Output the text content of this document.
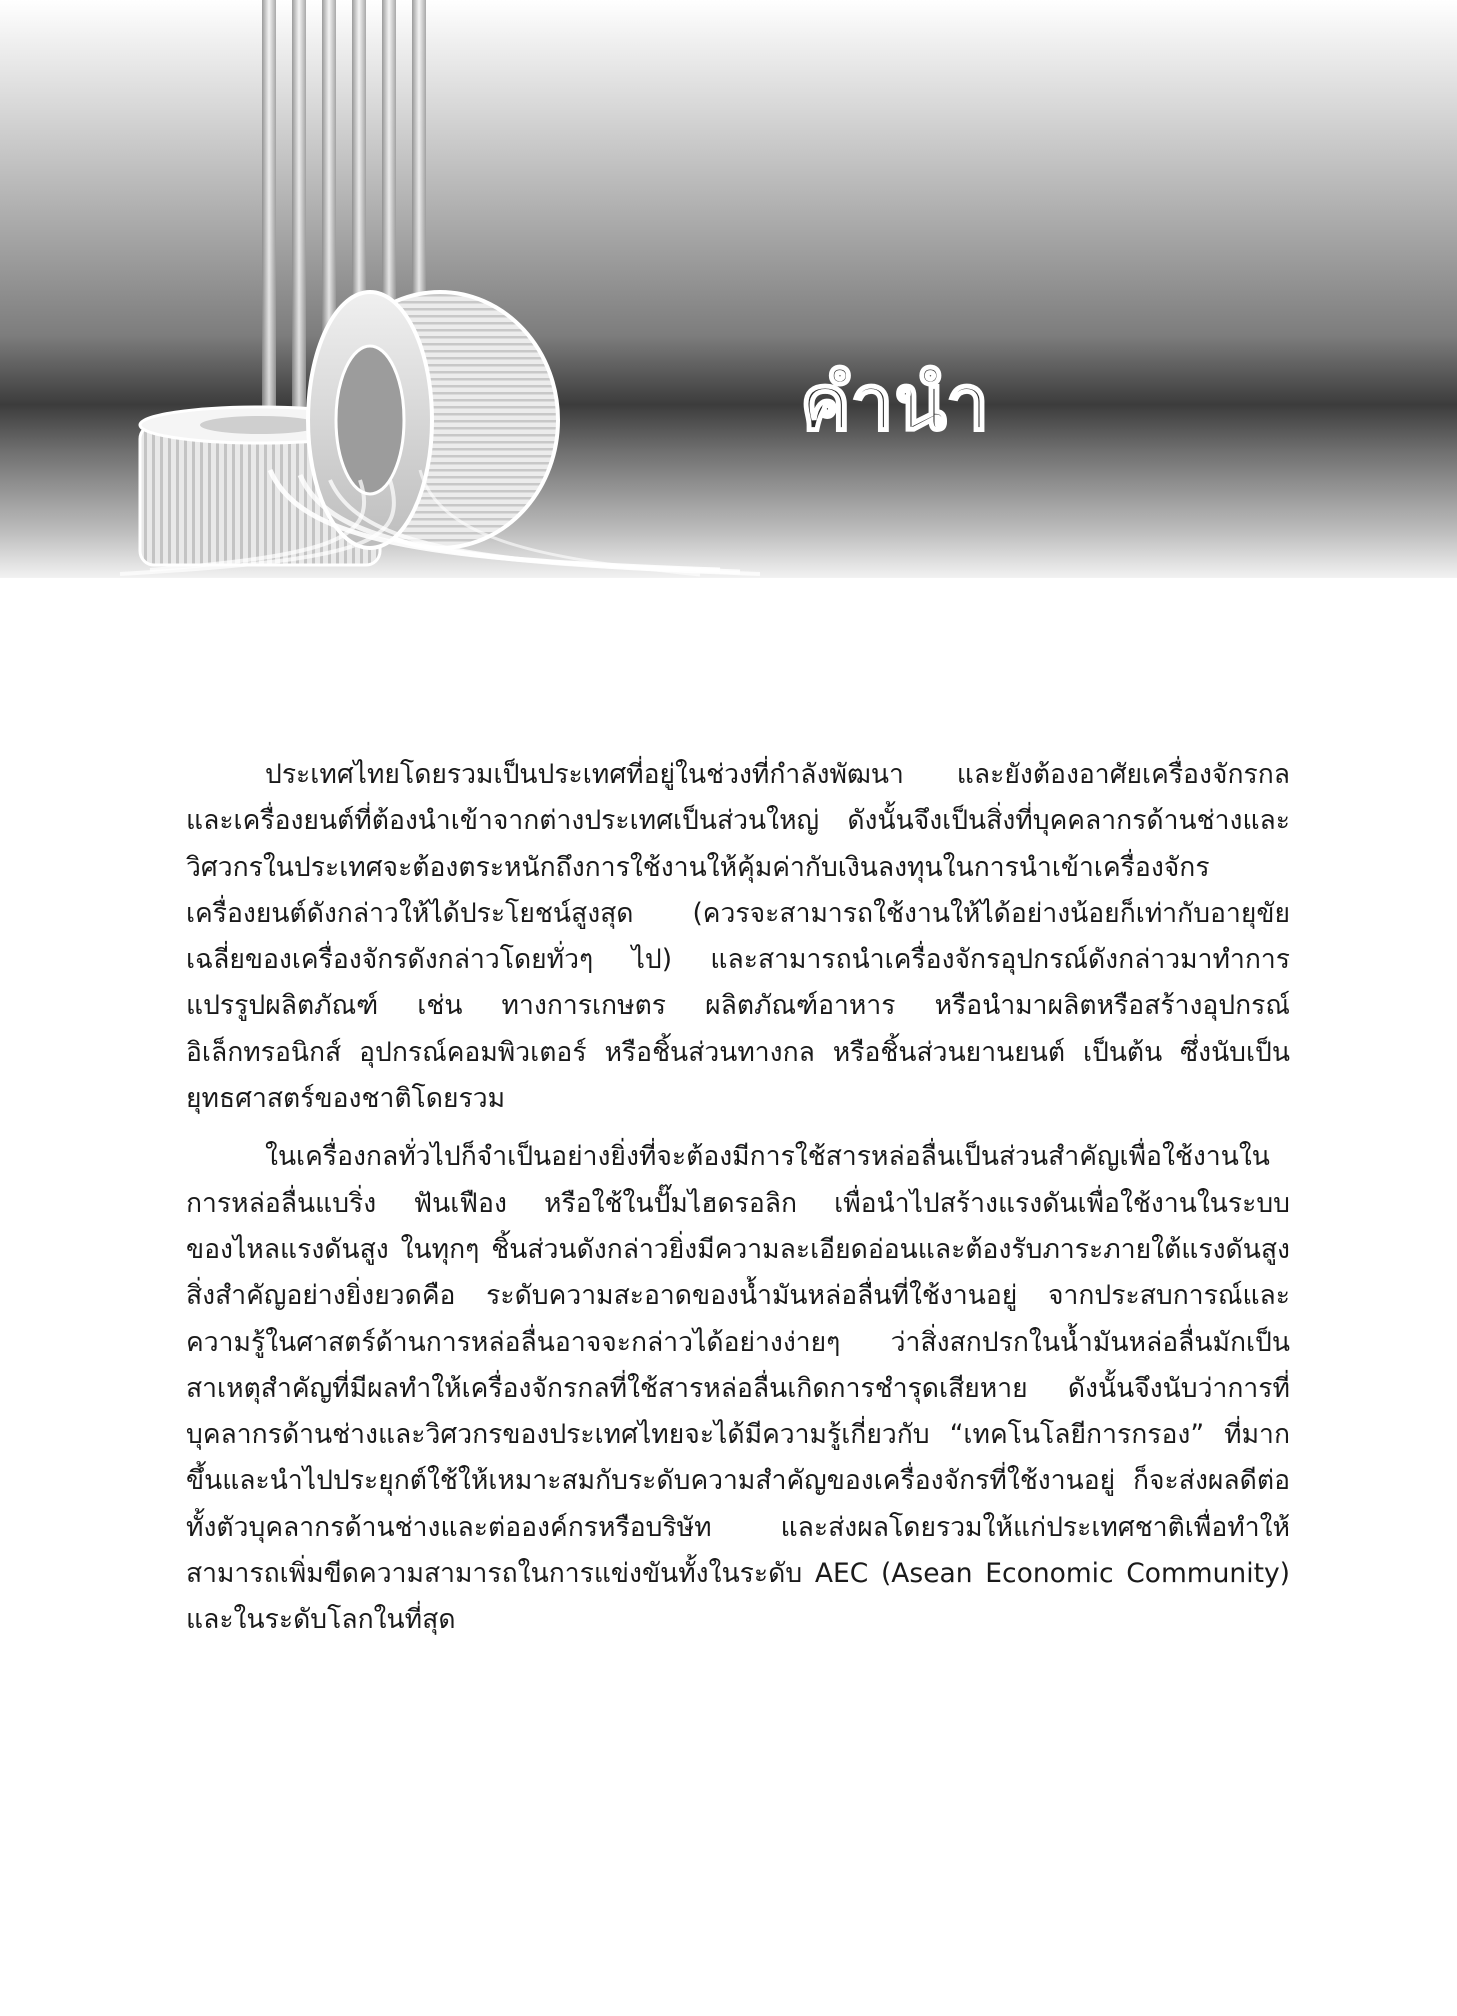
คำนำ

ประเทศไทยโดยรวมเป็นประเทศที่อยู่ในช่วงที่กำลังพัฒนา และยังต้องอาศัยเครื่องจักรกลและเครื่องยนต์ที่ต้องนำเข้าจากต่างประเทศเป็นส่วนใหญ่ ดังนั้นจึงเป็นสิ่งที่บุคคลากรด้านช่างและวิศวกรในประเทศจะต้องตระหนักถึงการใช้งานให้คุ้มค่ากับเงินลงทุนในการนำเข้าเครื่องจักรเครื่องยนต์ดังกล่าวให้ได้ประโยชน์สูงสุด (ควรจะสามารถใช้งานให้ได้อย่างน้อยก็เท่ากับอายุขัยเฉลี่ยของเครื่องจักรดังกล่าวโดยทั่วๆ ไป) และสามารถนำเครื่องจักรอุปกรณ์ดังกล่าวมาทำการแปรรูปผลิตภัณฑ์ เช่น ทางการเกษตร ผลิตภัณฑ์อาหาร หรือนำมาผลิตหรือสร้างอุปกรณ์อิเล็กทรอนิกส์ อุปกรณ์คอมพิวเตอร์ หรือชิ้นส่วนทางกล หรือชิ้นส่วนยานยนต์ เป็นต้น ซึ่งนับเป็นยุทธศาสตร์ของชาติโดยรวม

ในเครื่องกลทั่วไปก็จำเป็นอย่างยิ่งที่จะต้องมีการใช้สารหล่อลื่นเป็นส่วนสำคัญเพื่อใช้งานในการหล่อลื่นแบริ่ง ฟันเฟือง หรือใช้ในปั๊มไฮดรอลิก เพื่อนำไปสร้างแรงดันเพื่อใช้งานในระบบของไหลแรงดันสูง ในทุกๆ ชิ้นส่วนดังกล่าวยิ่งมีความละเอียดอ่อนและต้องรับภาระภายใต้แรงดันสูง สิ่งสำคัญอย่างยิ่งยวดคือ ระดับความสะอาดของน้ำมันหล่อลื่นที่ใช้งานอยู่ จากประสบการณ์และความรู้ในศาสตร์ด้านการหล่อลื่นอาจจะกล่าวได้อย่างง่ายๆ ว่าสิ่งสกปรกในน้ำมันหล่อลื่นมักเป็นสาเหตุสำคัญที่มีผลทำให้เครื่องจักรกลที่ใช้สารหล่อลื่นเกิดการชำรุดเสียหาย ดังนั้นจึงนับว่าการที่บุคลากรด้านช่างและวิศวกรของประเทศไทยจะได้มีความรู้เกี่ยวกับ “เทคโนโลยีการกรอง” ที่มากขึ้นและนำไปประยุกต์ใช้ให้เหมาะสมกับระดับความสำคัญของเครื่องจักรที่ใช้งานอยู่ ก็จะส่งผลดีต่อทั้งตัวบุคลากรด้านช่างและต่อองค์กรหรือบริษัท และส่งผลโดยรวมให้แก่ประเทศชาติเพื่อทำให้สามารถเพิ่มขีดความสามารถในการแข่งขันทั้งในระดับ AEC (Asean Economic Community) และในระดับโลกในที่สุด
